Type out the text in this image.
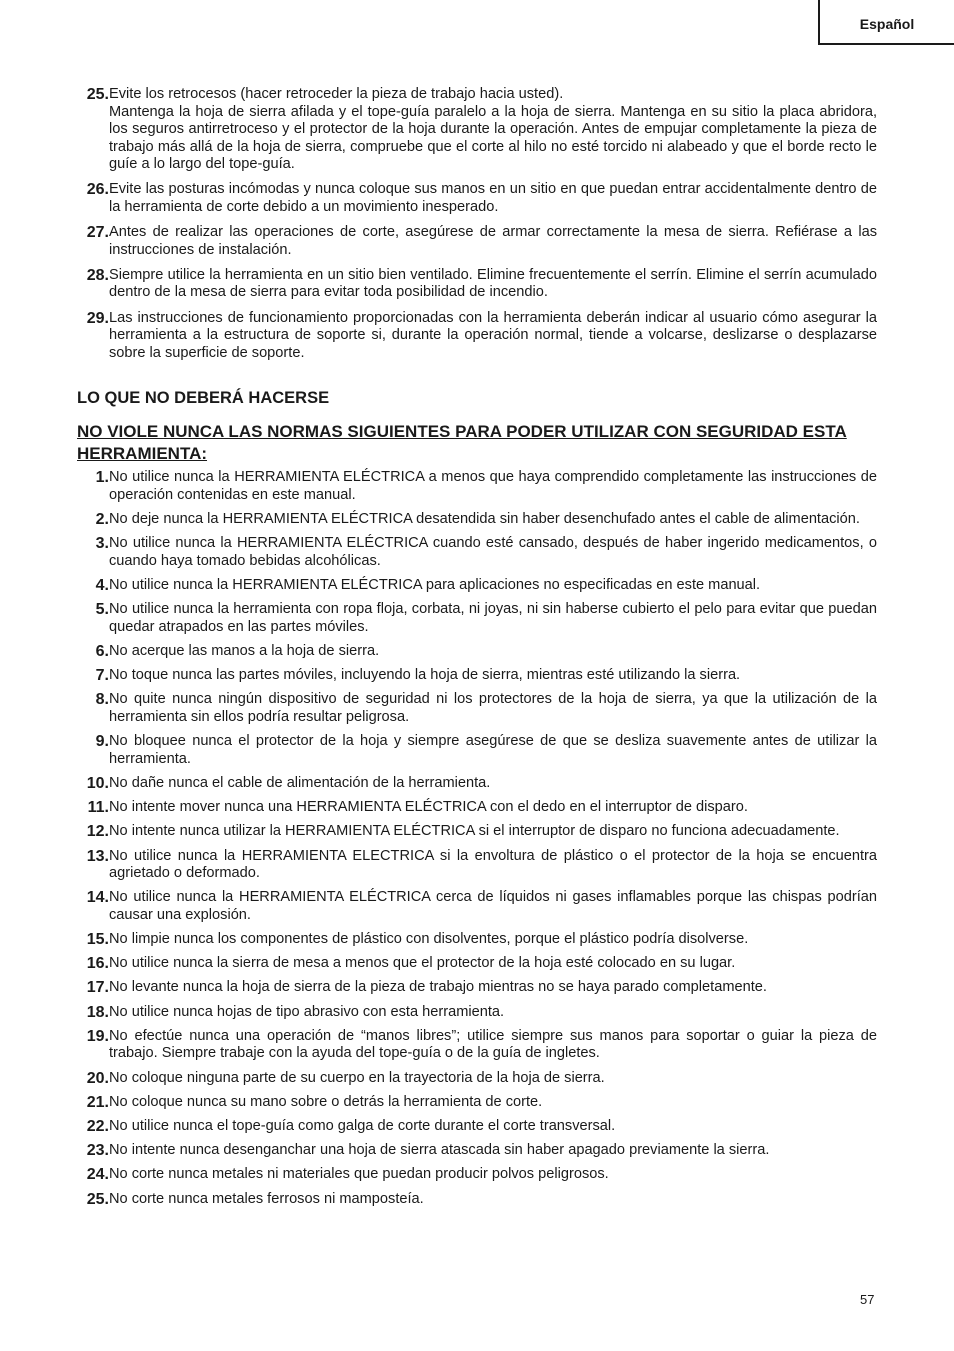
Español
25. Evite los retrocesos (hacer retroceder la pieza de trabajo hacia usted).
Mantenga la hoja de sierra afilada y el tope-guía paralelo a la hoja de sierra. Mantenga en su sitio la placa abridora, los seguros antirretroceso y el protector de la hoja durante la operación. Antes de empujar completamente la pieza de trabajo más allá de la hoja de sierra, compruebe que el corte al hilo no esté torcido ni alabeado y que el borde recto le guíe a lo largo del tope-guía.
26. Evite las posturas incómodas y nunca coloque sus manos en un sitio en que puedan entrar accidentalmente dentro de la herramienta de corte debido a un movimiento inesperado.
27. Antes de realizar las operaciones de corte, asegúrese de armar correctamente la mesa de sierra. Refiérase a las instrucciones de instalación.
28. Siempre utilice la herramienta en un sitio bien ventilado. Elimine frecuentemente el serrín. Elimine el serrín acumulado dentro de la mesa de sierra para evitar toda posibilidad de incendio.
29. Las instrucciones de funcionamiento proporcionadas con la herramienta deberán indicar al usuario cómo asegurar la herramienta a la estructura de soporte si, durante la operación normal, tiende a volcarse, deslizarse o desplazarse sobre la superficie de soporte.
LO QUE NO DEBERÁ HACERSE
NO VIOLE NUNCA LAS NORMAS SIGUIENTES PARA PODER UTILIZAR CON SEGURIDAD ESTA HERRAMIENTA:
1. No utilice nunca la HERRAMIENTA ELÉCTRICA a menos que haya comprendido completamente las instrucciones de operación contenidas en este manual.
2. No deje nunca la HERRAMIENTA ELÉCTRICA desatendida sin haber desenchufado antes el cable de alimentación.
3. No utilice nunca la HERRAMIENTA ELÉCTRICA cuando esté cansado, después de haber ingerido medicamentos, o cuando haya tomado bebidas alcohólicas.
4. No utilice nunca la HERRAMIENTA ELÉCTRICA para aplicaciones no especificadas en este manual.
5. No utilice nunca la herramienta con ropa floja, corbata, ni joyas, ni sin haberse cubierto el pelo para evitar que puedan quedar atrapados en las partes móviles.
6. No acerque las manos a la hoja de sierra.
7. No toque nunca las partes móviles, incluyendo la hoja de sierra, mientras esté utilizando la sierra.
8. No quite nunca ningún dispositivo de seguridad ni los protectores de la hoja de sierra, ya que la utilización de la herramienta sin ellos podría resultar peligrosa.
9. No bloquee nunca el protector de la hoja y siempre asegúrese de que se desliza suavemente antes de utilizar la herramienta.
10. No dañe nunca el cable de alimentación de la herramienta.
11. No intente mover nunca una HERRAMIENTA ELÉCTRICA con el dedo en el interruptor de disparo.
12. No intente nunca utilizar la HERRAMIENTA ELÉCTRICA si el interruptor de disparo no funciona adecuadamente.
13. No utilice nunca la HERRAMIENTA ELECTRICA si la envoltura de plástico o el protector de la hoja se encuentra agrietado o deformado.
14. No utilice nunca la HERRAMIENTA ELÉCTRICA cerca de líquidos ni gases inflamables porque las chispas podrían causar una explosión.
15. No limpie nunca los componentes de plástico con disolventes, porque el plástico podría disolverse.
16. No utilice nunca la sierra de mesa a menos que el protector de la hoja esté colocado en su lugar.
17. No levante nunca la hoja de sierra de la pieza de trabajo mientras no se haya parado completamente.
18. No utilice nunca hojas de tipo abrasivo con esta herramienta.
19. No efectúe nunca una operación de “manos libres”; utilice siempre sus manos para soportar o guiar la pieza de trabajo. Siempre trabaje con la ayuda del tope-guía o de la guía de ingletes.
20. No coloque ninguna parte de su cuerpo en la trayectoria de la hoja de sierra.
21. No coloque nunca su mano sobre o detrás la herramienta de corte.
22. No utilice nunca el tope-guía como galga de corte durante el corte transversal.
23. No intente nunca desenganchar una hoja de sierra atascada sin haber apagado previamente la sierra.
24. No corte nunca metales ni materiales que puedan producir polvos peligrosos.
25. No corte nunca metales ferrosos ni mamposteía.
57
